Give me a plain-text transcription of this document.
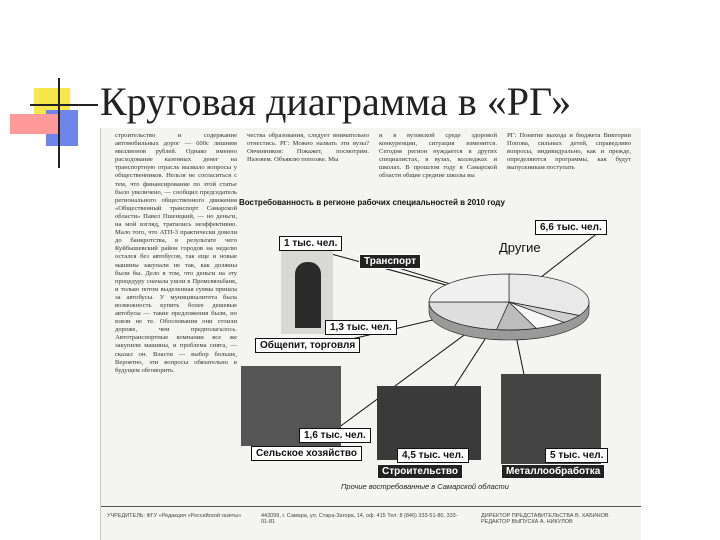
Круговая диаграмма в «РГ»
строительство и содержание автомобильных дорог — 600с лишним миллионов рублей. Однако именно расходование казенных денег на транспортную отрасль вызвало вопросы у общественников. Нельзя не согласиться с тем, что финансирование по этой статье было увеличено, — сообщил председатель регионального общественного движения «Общественный транспорт Самарской области» Павел Пшенцкий, — но деньги, на мой взгляд, тратились неэффективно. Мало того, что АТП-3 практически довели до банкротства, в результате чего Куйбышевский район городов на неделю остался без автобусов, так еще и новые машины закупали не так, как должны были бы. Дело в том, что деньги на эту процедуру сначала ушли в Промсвязьбанк, и только потом выделенная сумма пришла за автобусы. У муниципалитета была возможность купить более дешевые автобусы — такие предложения были, но взяли не те. Обоснования они стоили дороже, чем предполагалось. Автотранспортные компании все же закупили машины, и проблема снята, — сказал он. Власти — выбор больше, Вероятно, эти вопросы обязательно в будущем обговорить.
чества образования, следует внимательно отнестись. РГ: Можно назвать эти вузы? Овчинников: Покажет, посмотрим. Назовем. Объявлю попозже. Мы
и в вузовской среде здоровой конкуренции, ситуация изменится. Сегодня регион нуждается в других специалистах, в вузах, колледжах и школах. В прошлом году в Самарской области общие средние школы вы
РГ: Понятие выхода и бюджета Виктории Попова, сильных детей, справедливо вопросы, индивидуально, как и прежде, определяются программы, как будут выпускникам поступать
Востребованность в регионе рабочих специальностей в 2010 году
6,6 тыс. чел.
Другие
1 тыс. чел.
Транспорт
1,3 тыс. чел.
Общепит, торговля
1,6 тыс. чел.
Сельское хозяйство	4,5 тыс. чел.
Строительство
5 тыс. чел.
Металлообработка
Прочие востребованные в Самарской области
УЧРЕДИТЕЛЬ: ФГУ «Редакция «Российской газеты»	443099, г. Самара, ул. Стара-Загора, 14, оф. 415 Тел: 8 (846) 333-51-80, 333-01-81
ДИРЕКТОР ПРЕДСТАВИТЕЛЬСТВА В. ХАБИНОВ РЕДАКТОР ВЫПУСКА А. НИКУЛОВ
